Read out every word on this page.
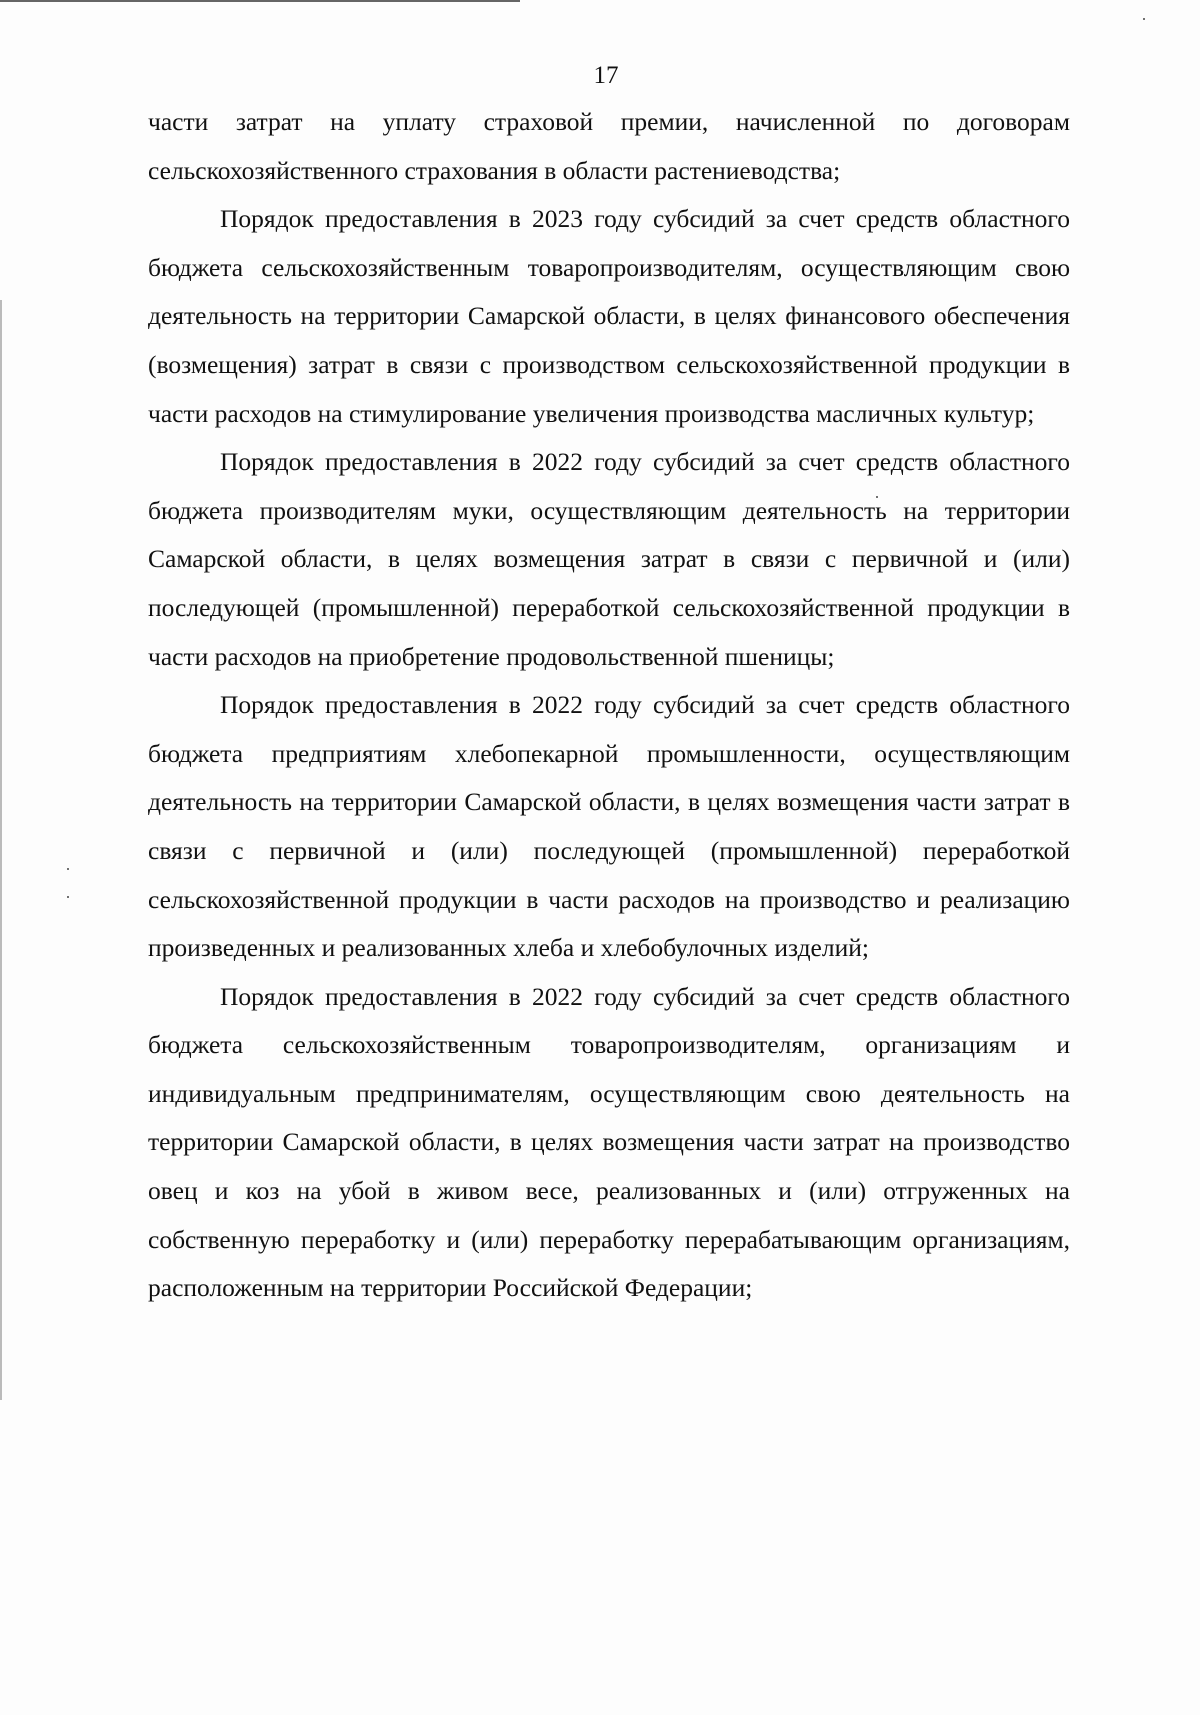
17

части затрат на уплату страховой премии, начисленной по договорам сельскохозяйственного страхования в области растениеводства;

Порядок предоставления в 2023 году субсидий за счет средств областного бюджета сельскохозяйственным товаропроизводителям, осуществляющим свою деятельность на территории Самарской области, в целях финансового обеспечения (возмещения) затрат в связи с производством сельскохозяйственной продукции в части расходов на стимулирование увеличения производства масличных культур;

Порядок предоставления в 2022 году субсидий за счет средств областного бюджета производителям муки, осуществляющим деятельность на территории Самарской области, в целях возмещения затрат в связи с первичной и (или) последующей (промышленной) переработкой сельскохозяйственной продукции в части расходов на приобретение продовольственной пшеницы;

Порядок предоставления в 2022 году субсидий за счет средств областного бюджета предприятиям хлебопекарной промышленности, осуществляющим деятельность на территории Самарской области, в целях возмещения части затрат в связи с первичной и (или) последующей (промышленной) переработкой сельскохозяйственной продукции в части расходов на производство и реализацию произведенных и реализованных хлеба и хлебобулочных изделий;

Порядок предоставления в 2022 году субсидий за счет средств областного бюджета сельскохозяйственным товаропроизводителям, организациям и индивидуальным предпринимателям, осуществляющим свою деятельность на территории Самарской области, в целях возмещения части затрат на производство овец и коз на убой в живом весе, реализованных и (или) отгруженных на собственную переработку и (или) переработку перерабатывающим организациям, расположенным на территории Российской Федерации;
